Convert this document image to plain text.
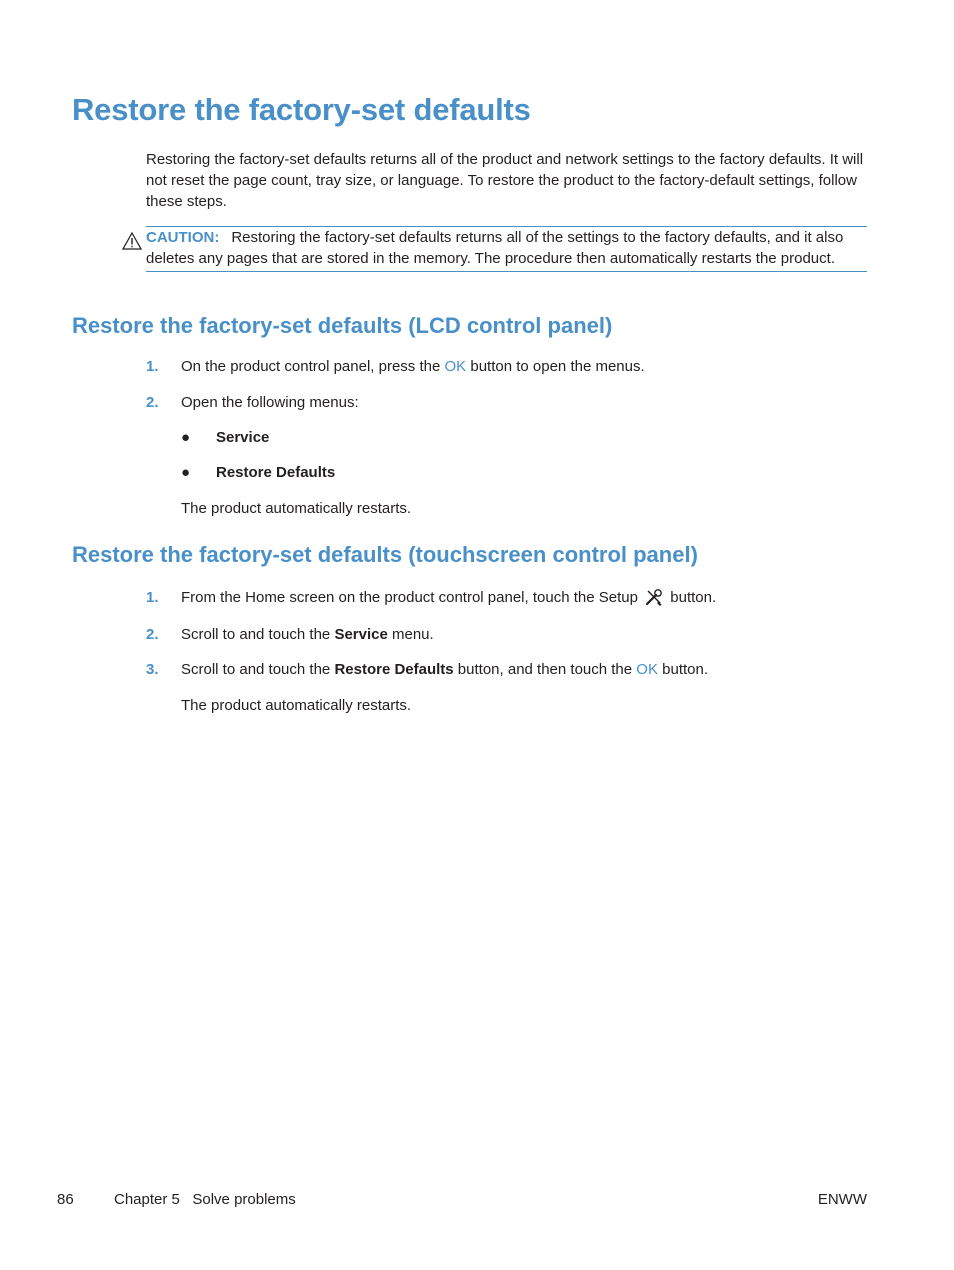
Restore the factory-set defaults

Restoring the factory-set defaults returns all of the product and network settings to the factory defaults. It will not reset the page count, tray size, or language. To restore the product to the factory-default settings, follow these steps.

CAUTION: Restoring the factory-set defaults returns all of the settings to the factory defaults, and it also deletes any pages that are stored in the memory. The procedure then automatically restarts the product.
Restore the factory-set defaults (LCD control panel)
1. On the product control panel, press the OK button to open the menus.
2. Open the following menus:
● Service
● Restore Defaults
The product automatically restarts.
Restore the factory-set defaults (touchscreen control panel)
1. From the Home screen on the product control panel, touch the Setup  button.
2. Scroll to and touch the Service menu.
3. Scroll to and touch the Restore Defaults button, and then touch the OK button.
The product automatically restarts.
86	Chapter 5   Solve problems	ENWW
